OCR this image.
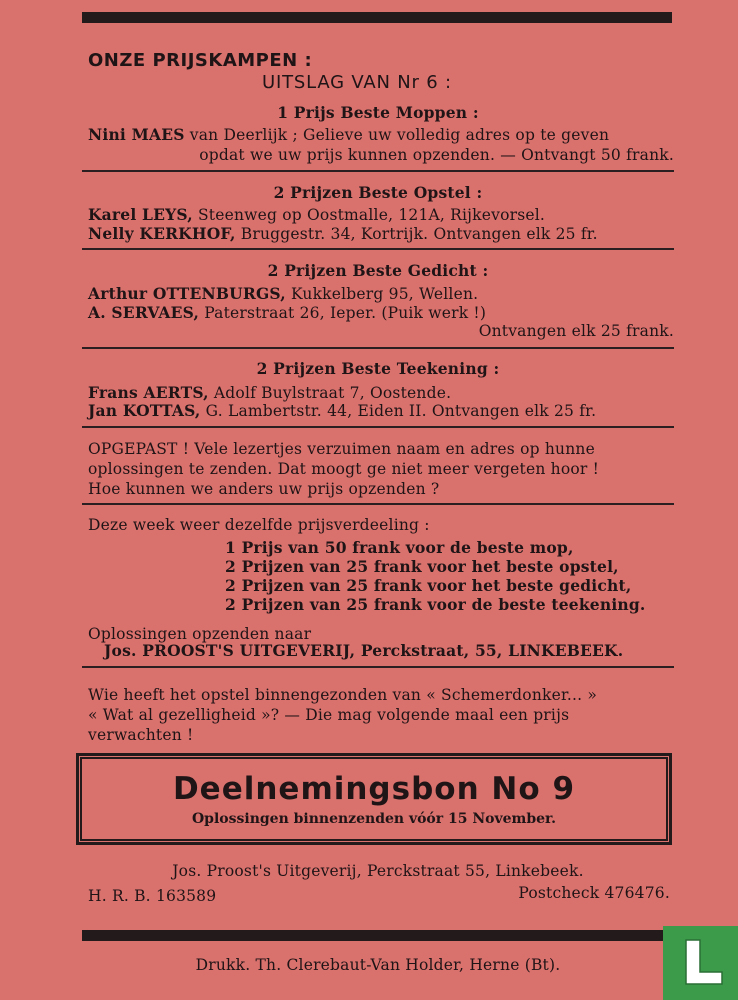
ONZE PRIJSKAMPEN :
UITSLAG VAN Nr 6 :
1 Prijs Beste Moppen :
Nini MAES van Deerlijk ; Gelieve uw volledig adres op te geven
opdat we uw prijs kunnen opzenden. — Ontvangt 50 frank.
2 Prijzen Beste Opstel :
Karel LEYS, Steenweg op Oostmalle, 121A, Rijkevorsel.
Nelly KERKHOF, Bruggestr. 34, Kortrijk. Ontvangen elk 25 fr.
2 Prijzen Beste Gedicht :
Arthur OTTENBURGS, Kukkelberg 95, Wellen.
A. SERVAES, Paterstraat 26, Ieper. (Puik werk !)
Ontvangen elk 25 frank.
2 Prijzen Beste Teekening :
Frans AERTS, Adolf Buylstraat 7, Oostende.
Jan KOTTAS, G. Lambertstr. 44, Eiden II. Ontvangen elk 25 fr.
OPGEPAST ! Vele lezertjes verzuimen naam en adres op hunne
oplossingen te zenden. Dat moogt ge niet meer vergeten hoor !
Hoe kunnen we anders uw prijs opzenden ?
Deze week weer dezelfde prijsverdeeling :
1 Prijs van 50 frank voor de beste mop,
2 Prijzen van 25 frank voor het beste opstel,
2 Prijzen van 25 frank voor het beste gedicht,
2 Prijzen van 25 frank voor de beste teekening.
Oplossingen opzenden naar
Jos. PROOST'S UITGEVERIJ, Perckstraat, 55, LINKEBEEK.
Wie heeft het opstel binnengezonden van « Schemerdonker... »
« Wat al gezelligheid »? — Die mag volgende maal een prijs
verwachten !
Deelnemingsbon No 9
Oplossingen binnenzenden vóór 15 November.
Jos. Proost's Uitgeverij, Perckstraat 55, Linkebeek.
H. R. B. 163589	Postcheck 476476.
Drukk. Th. Clerebaut-Van Holder, Herne (Bt).
